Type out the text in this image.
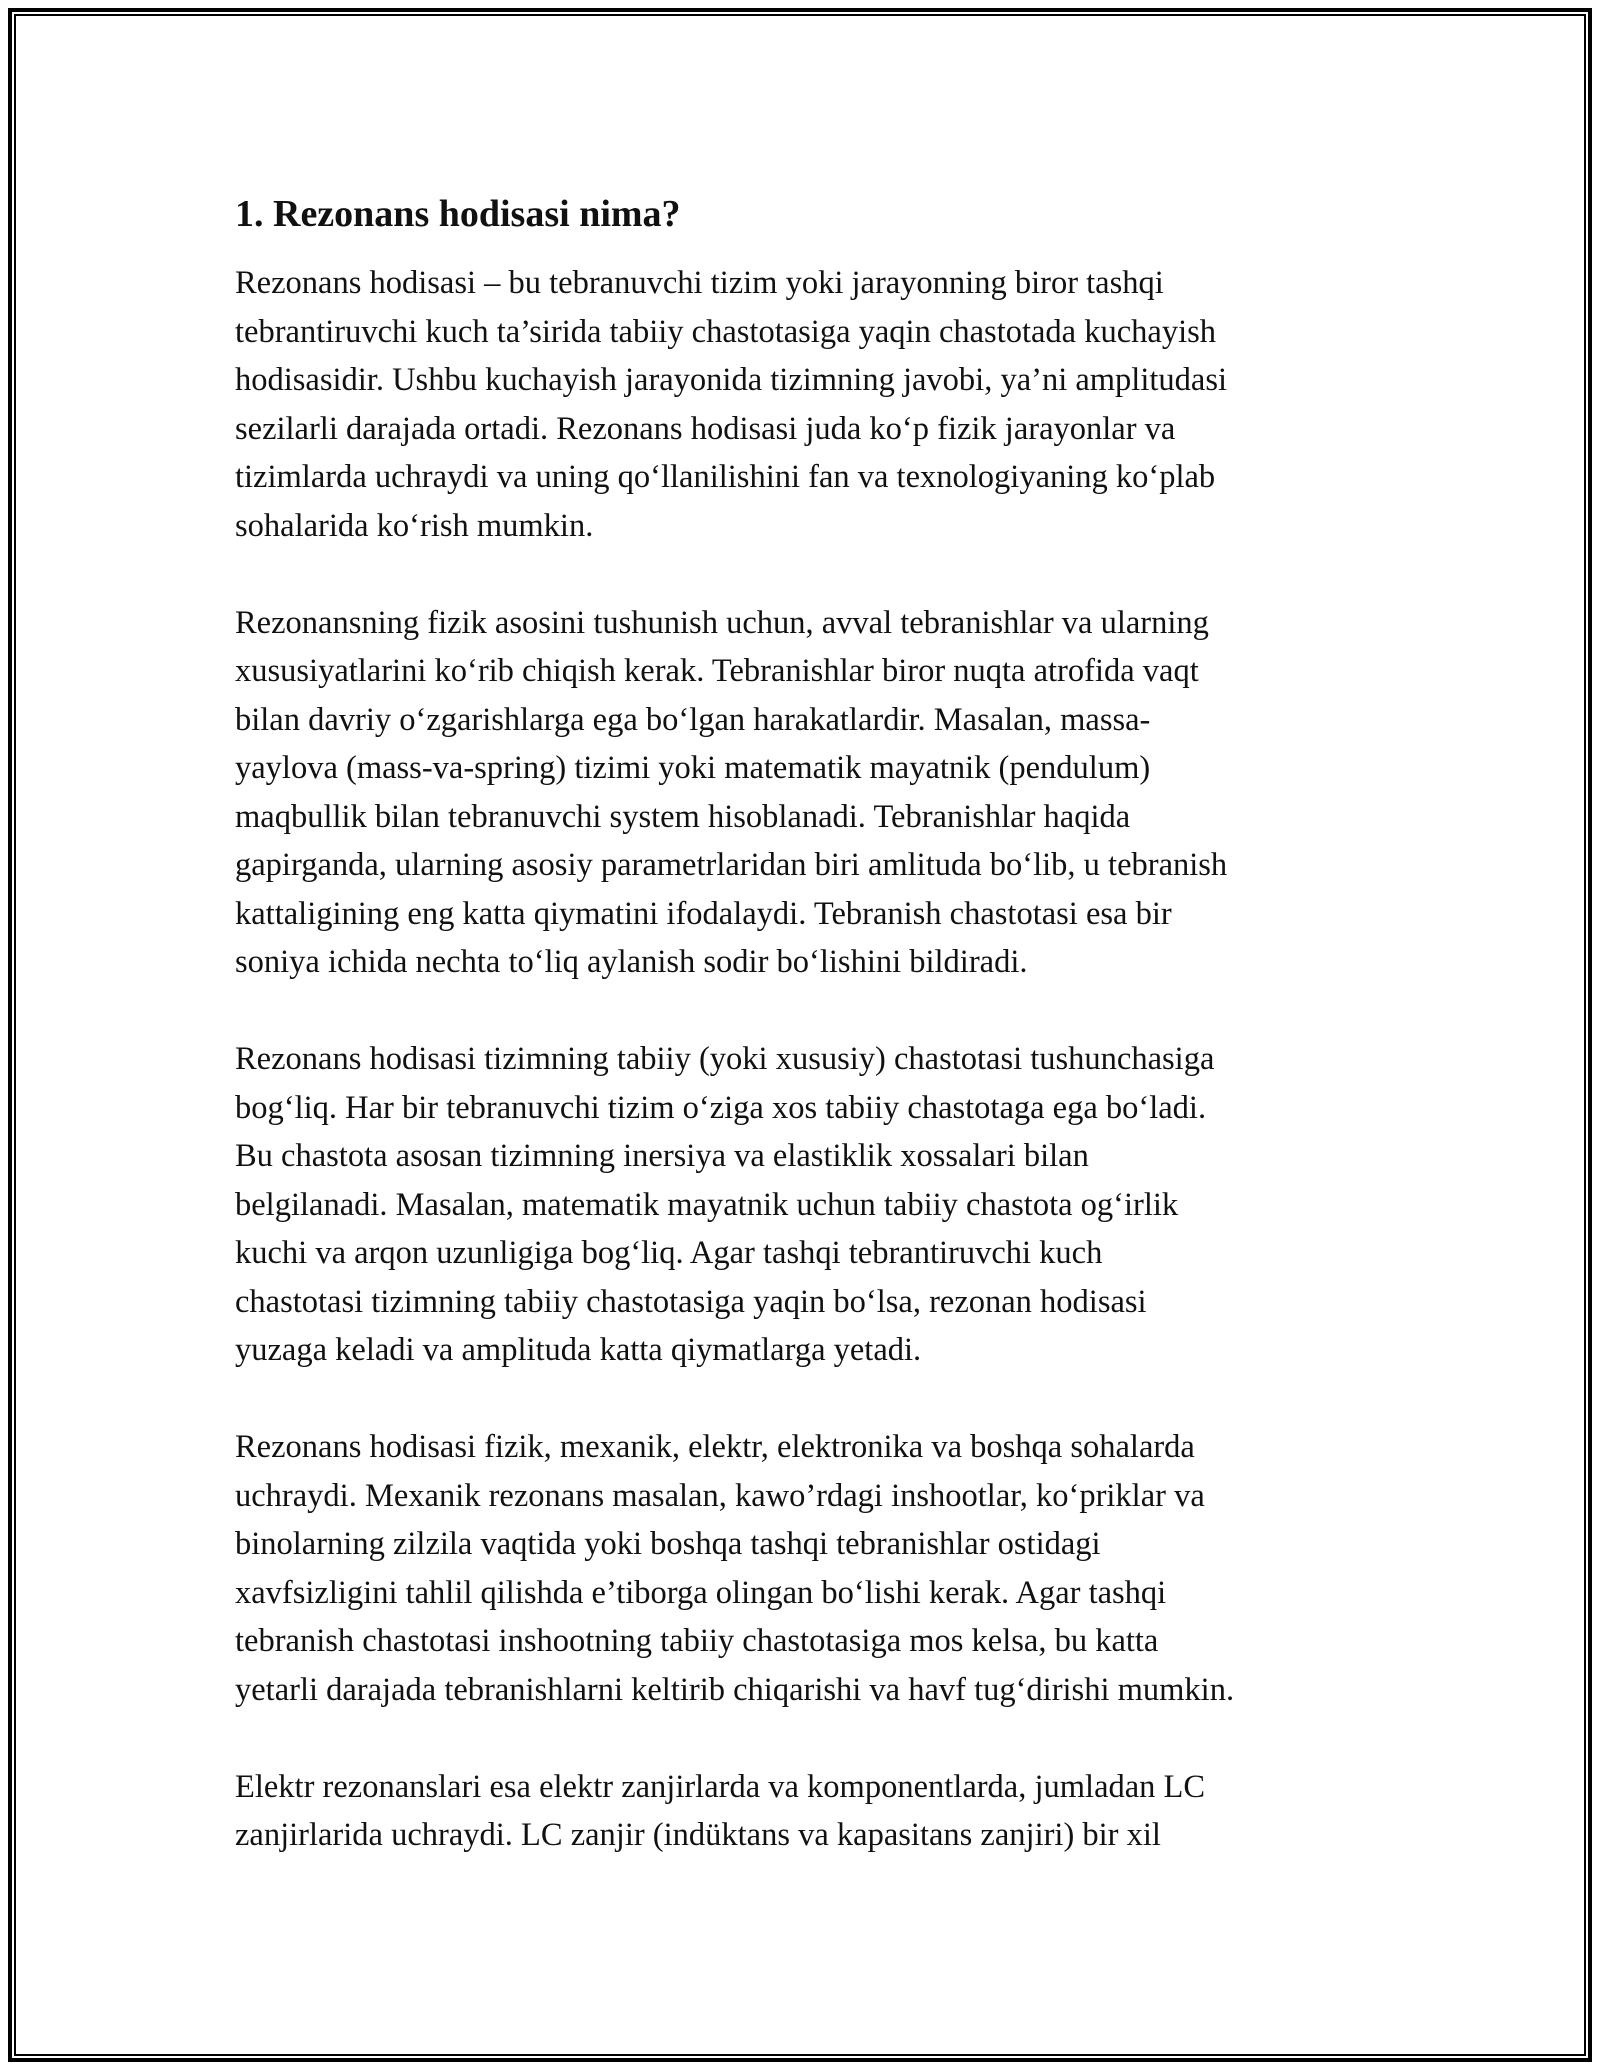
1. Rezonans hodisasi nima?
Rezonans hodisasi – bu tebranuvchi tizim yoki jarayonning biror tashqi
tebrantiruvchi kuch ta’sirida tabiiy chastotasiga yaqin chastotada kuchayish
hodisasidir. Ushbu kuchayish jarayonida tizimning javobi, ya’ni amplitudasi
sezilarli darajada ortadi. Rezonans hodisasi juda koʻp fizik jarayonlar va
tizimlarda uchraydi va uning qoʻllanilishini fan va texnologiyaning koʻplab
sohalarida koʻrish mumkin.
Rezonansning fizik asosini tushunish uchun, avval tebranishlar va ularning
xususiyatlarini koʻrib chiqish kerak. Tebranishlar biror nuqta atrofida vaqt
bilan davriy oʻzgarishlarga ega boʻlgan harakatlardir. Masalan, massa-
yaylova (mass-va-spring) tizimi yoki matematik mayatnik (pendulum)
maqbullik bilan tebranuvchi system hisoblanadi. Tebranishlar haqida
gapirganda, ularning asosiy parametrlaridan biri amlituda boʻlib, u tebranish
kattaligining eng katta qiymatini ifodalaydi. Tebranish chastotasi esa bir
soniya ichida nechta toʻliq aylanish sodir boʻlishini bildiradi.
Rezonans hodisasi tizimning tabiiy (yoki xususiy) chastotasi tushunchasiga
bogʻliq. Har bir tebranuvchi tizim oʻziga xos tabiiy chastotaga ega boʻladi.
Bu chastota asosan tizimning inersiya va elastiklik xossalari bilan
belgilanadi. Masalan, matematik mayatnik uchun tabiiy chastota ogʻirlik
kuchi va arqon uzunligiga bogʻliq. Agar tashqi tebrantiruvchi kuch
chastotasi tizimning tabiiy chastotasiga yaqin boʻlsa, rezonan hodisasi
yuzaga keladi va amplituda katta qiymatlarga yetadi.
Rezonans hodisasi fizik, mexanik, elektr, elektronika va boshqa sohalarda
uchraydi. Mexanik rezonans masalan, kawo’rdagi inshootlar, koʻpriklar va
binolarning zilzila vaqtida yoki boshqa tashqi tebranishlar ostidagi
xavfsizligini tahlil qilishda e’tiborga olingan boʻlishi kerak. Agar tashqi
tebranish chastotasi inshootning tabiiy chastotasiga mos kelsa, bu katta
yetarli darajada tebranishlarni keltirib chiqarishi va havf tugʻdirishi mumkin.
Elektr rezonanslari esa elektr zanjirlarda va komponentlarda, jumladan LC
zanjirlarida uchraydi. LC zanjir (indüktans va kapasitans zanjiri) bir xil
